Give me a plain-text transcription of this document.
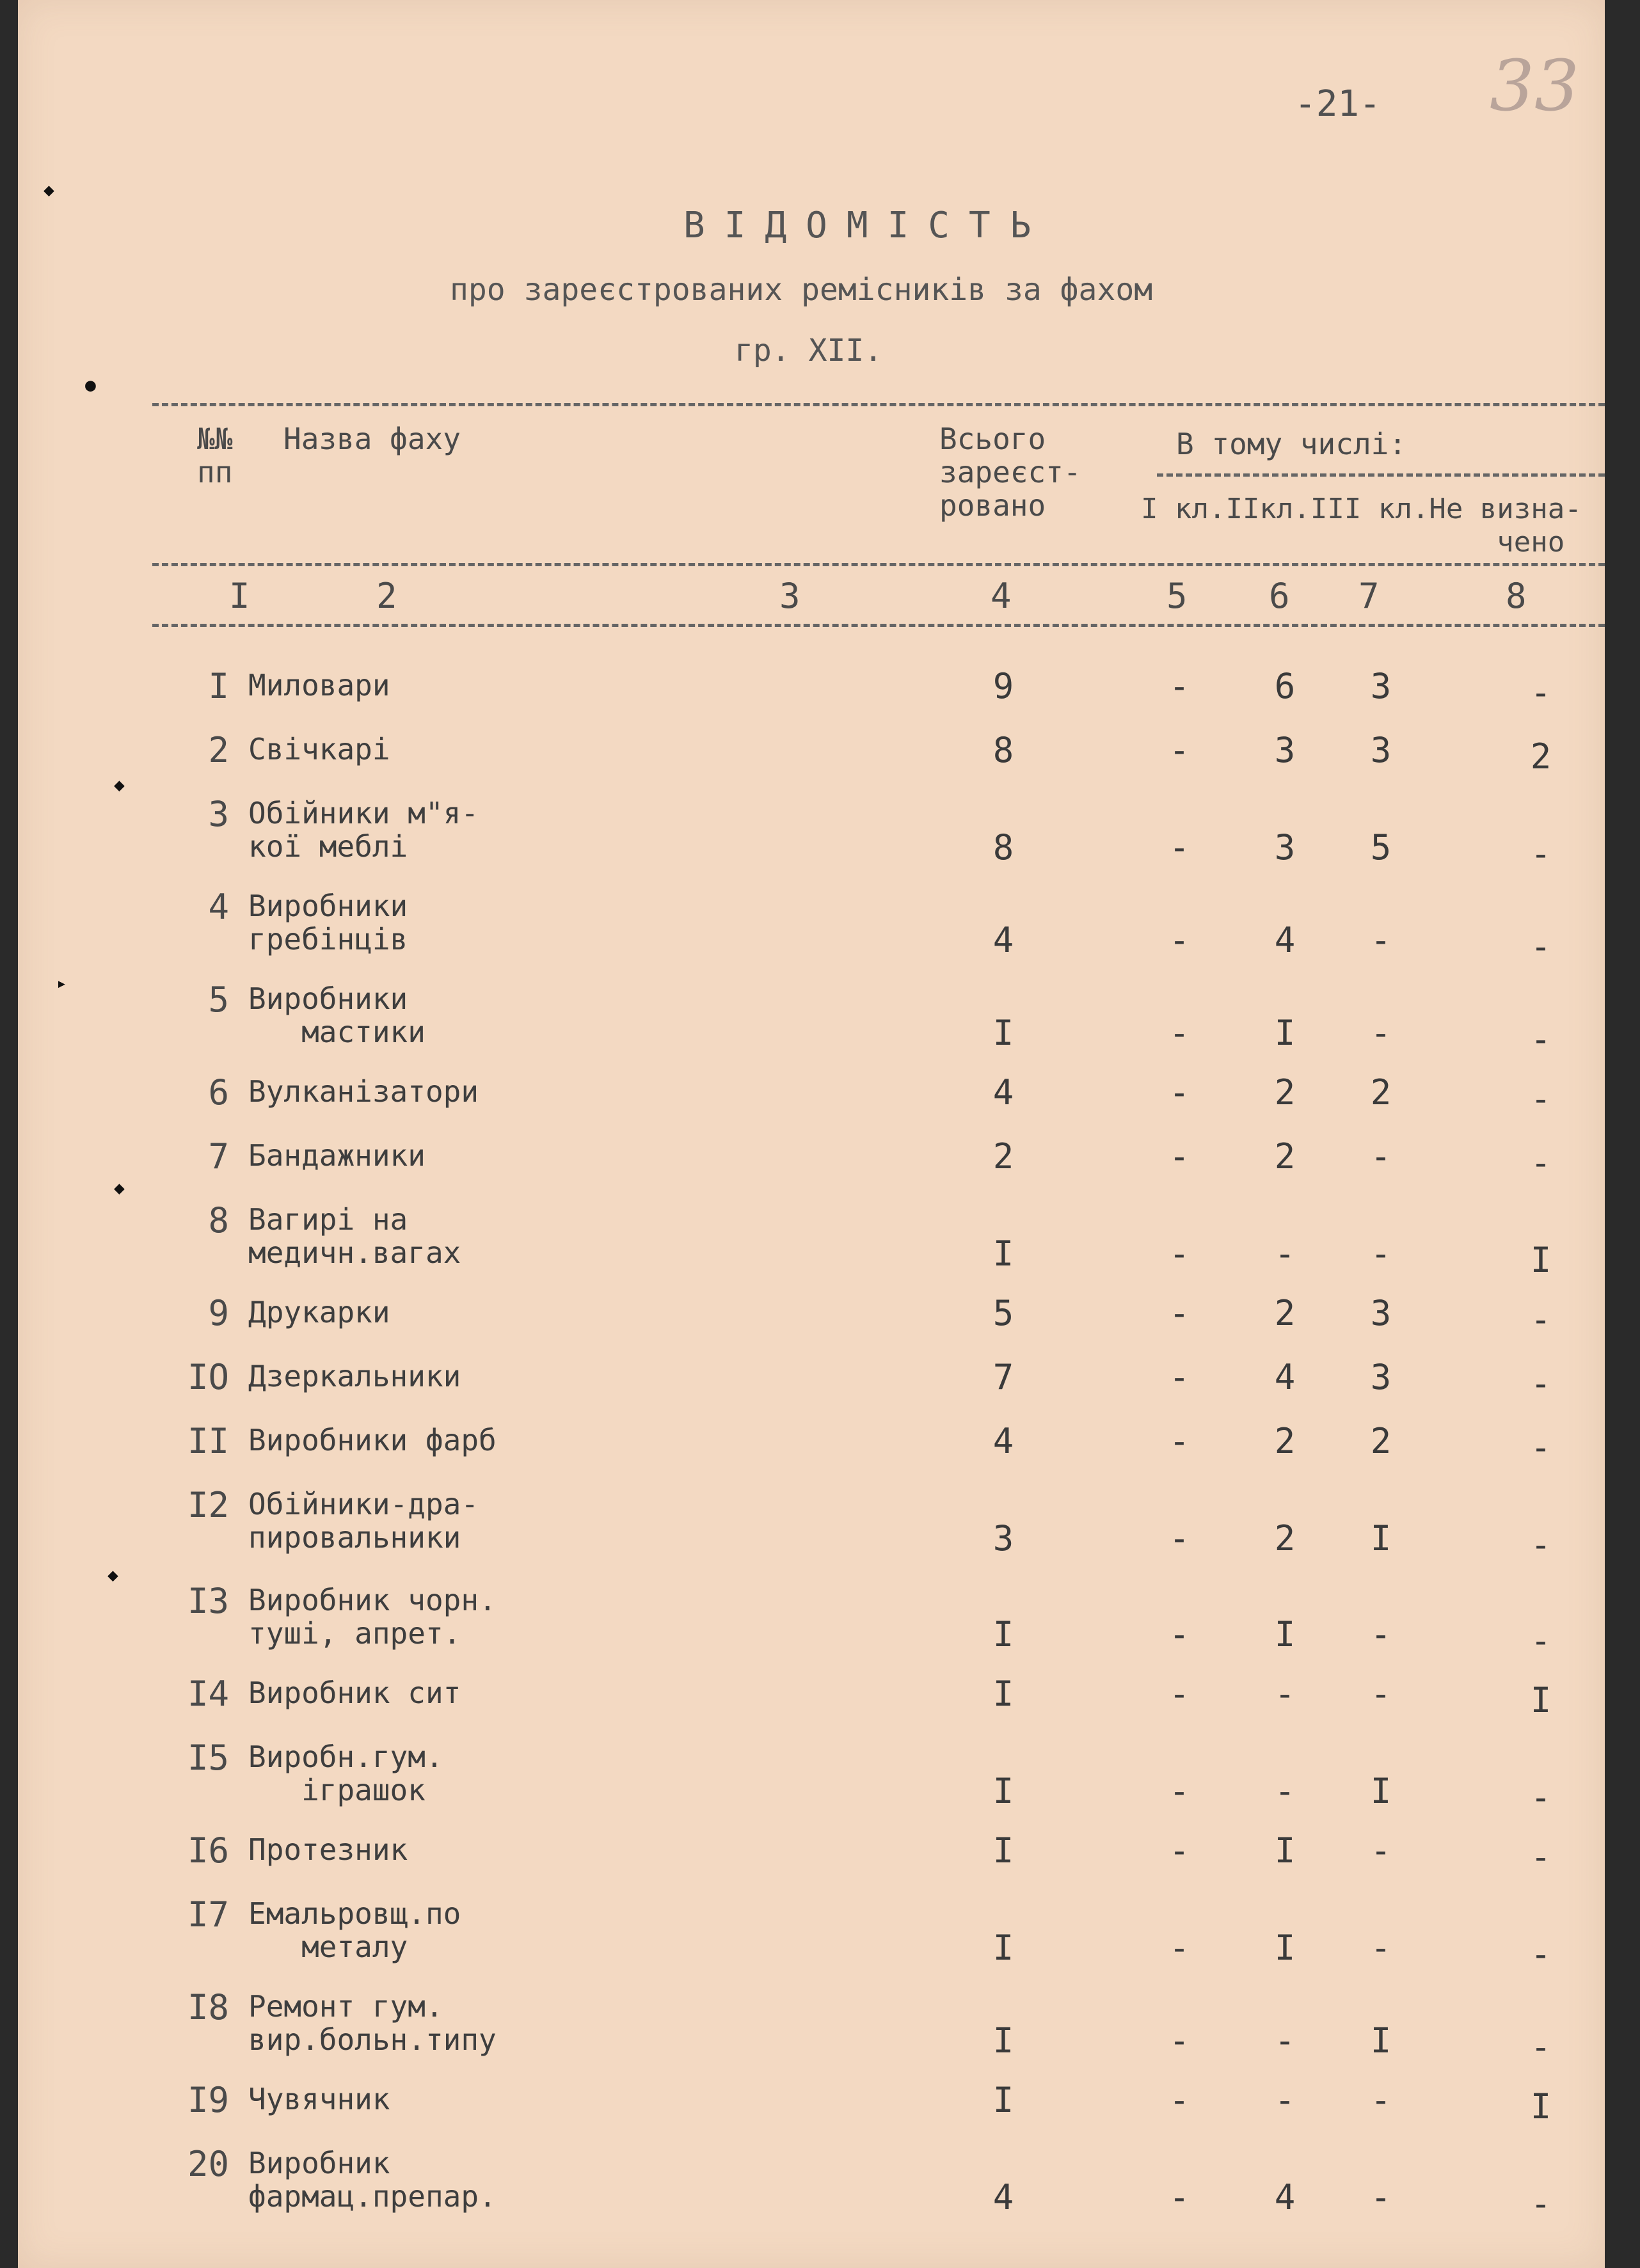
-21- 33
ВІДОМІСТЬ
про зареєстрованих ремісників за фахом
гр. XII.
№№
пп
Назва фаху	Всього
зареєст-
ровано
В тому числі:
I кл.IIкл.III кл.Не визна-
чено
I	2	3	4	5 6 7	8
◆
●
◆
▸
◆
◆
I Миловари	9	-	6	3	-
2 Свічкарі	8	-	3	3	2
3 Обійники м"я-
кої меблі	8	-	3	5	-
4 Виробники
гребінців	4	-	4	-	-
5 Виробники
мастики	I	-	I	-	-
6 Вулканізатори	4	-	2	2	-
7 Бандажники	2	-	2	-	-
8 Вагирі на
медичн.вагах	I	-	-	-	I
9 Друкарки	5	-	2	3	-
IO Дзеркальники	7	-	4	3	-
II Виробники фарб	4	-	2	2	-
I2 Обійники-дра-
пировальники	3	-	2	I	-
I3 Виробник чорн.
туші, апрет.	I	-	I	-	-
I4 Виробник сит	I	-	-	-	I
I5 Виробн.гум.
іграшок	I	-	-	I	-
I6 Протезник	I	-	I	-	-
I7 Емальровщ.по
металу	I	-	I	-	-
I8 Ремонт гум.
вир.больн.типу	I	-	-	I	-
I9 Чувячник	I	-	-	-	I
20 Виробник
фармац.препар.	4	-	4	-	-
